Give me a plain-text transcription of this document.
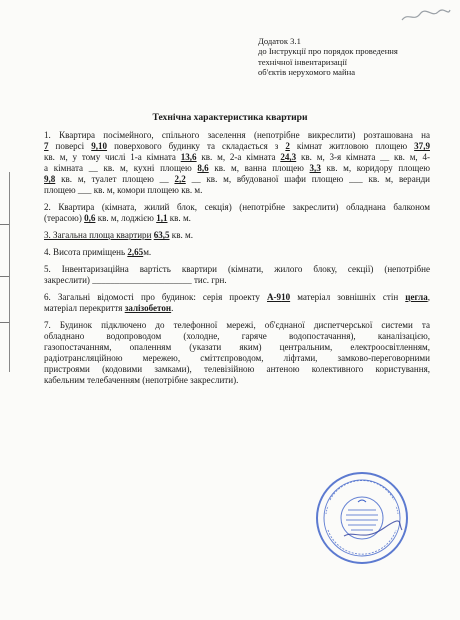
Додаток 3.1
до Інструкції про порядок проведення
технічної інвентаризації
об'єктів нерухомого майна
Технічна характеристика квартири
1. Квартира посімейного, спільного заселення (непотрібне викреслити) розташована на
7 поверсі 9,10 поверхового будинку та складається з 2 кімнат житловою площею 37,9
кв. м, у тому числі 1-а кімната 13,6 кв. м, 2-а кімната 24,3 кв. м, 3-я кімната __ кв. м, 4-
а кімната __ кв. м, кухні площею 8,6 кв. м, ванна площею 3,3 кв. м, коридору площею
9,8 кв. м, туалет площею __ 2,2 __ кв. м, вбудованої шафи площею ___ кв. м, веранди
площею ___ кв. м, комори площею кв. м.
2. Квартира (кімната, жилий блок, секція) (непотрібне закреслити) обладнана балконом
(терасою) 0,6 кв. м, лоджією 1,1 кв. м.
3. Загальна площа квартири 63,5 кв. м.
4. Висота приміщень 2,65м.
5. Інвентаризаційна вартість квартири (кімнати, жилого блоку, секції) (непотрібне
закреслити) ______________________ тис. грн.
6. Загальні відомості про будинок: серія проекту А-910 матеріал зовнішніх стін цегла,
матеріал перекриття залізобетон.
7. Будинок підключено до телефонної мережі, об'єднаної диспетчерської системи та
обладнано водопроводом (холодне, гаряче водопостачання), каналізацією,
газопостачанням, опаленням (указати яким) центральним, електроосвітленням,
радіотрансляційною мережею, сміттєпроводом, ліфтами, замково-переговорними
пристроями (кодовими замками), телевізійною антеною колективного користування,
кабельним телебаченням (непотрібне закреслити).
